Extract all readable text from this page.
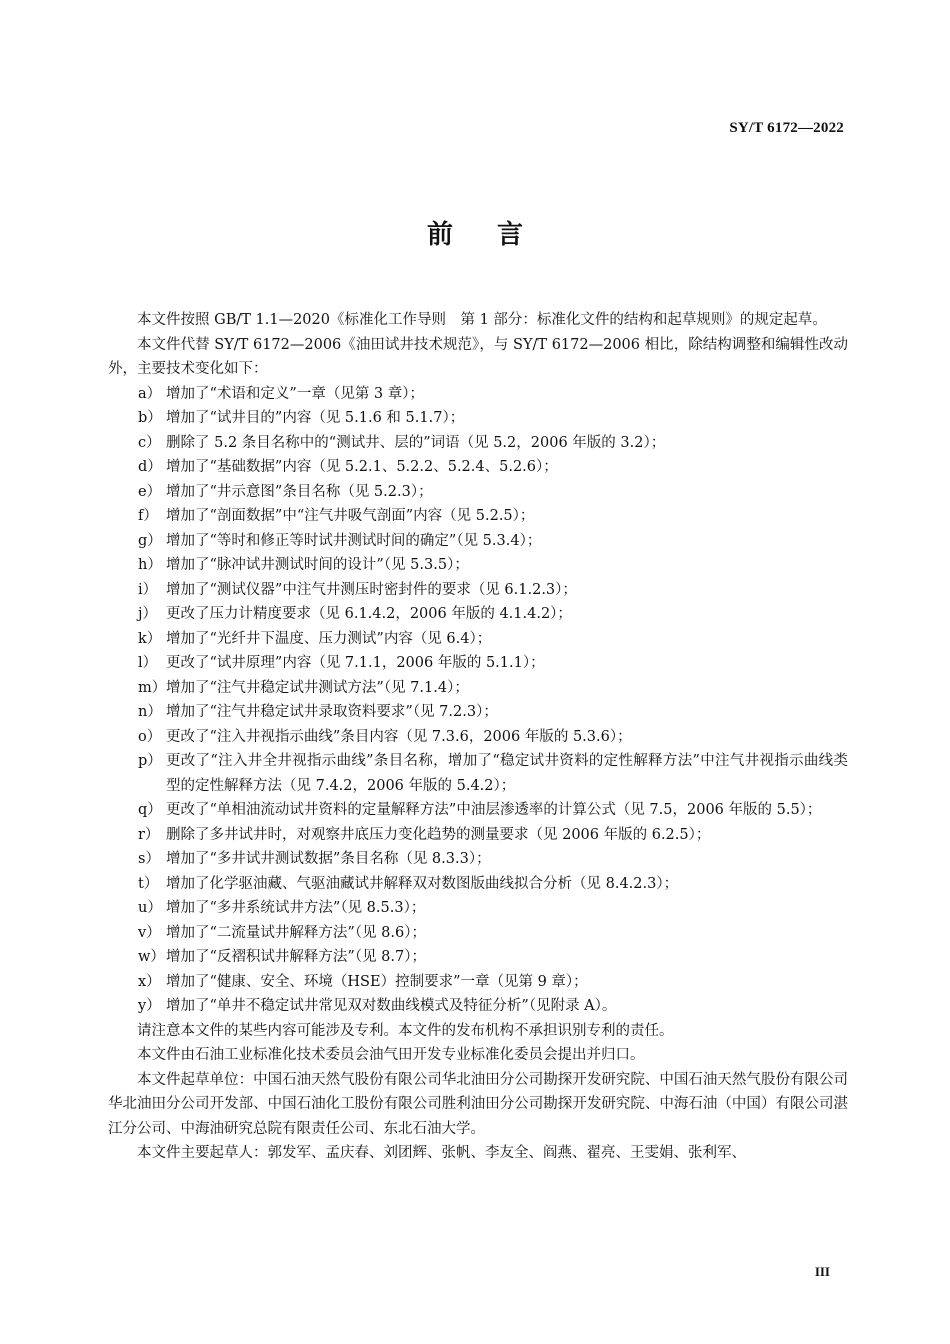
SY/T 6172—2022
前言

本文件按照 GB/T 1.1—2020《标准化工作导则　第 1 部分：标准化文件的结构和起草规则》的规定起草。

本文件代替 SY/T 6172—2006《油田试井技术规范》，与 SY/T 6172—2006 相比，除结构调整和编辑性改动外，主要技术变化如下：

a） 增加了“术语和定义”一章（见第 3 章）；
b） 增加了“试井目的”内容（见 5.1.6 和 5.1.7）；
c） 删除了 5.2 条目名称中的“测试井、层的”词语（见 5.2，2006 年版的 3.2）；
d） 增加了“基础数据”内容（见 5.2.1、5.2.2、5.2.4、5.2.6）；
e） 增加了“井示意图”条目名称（见 5.2.3）；
f） 增加了“剖面数据”中“注气井吸气剖面”内容（见 5.2.5）；
g） 增加了“等时和修正等时试井测试时间的确定”（见 5.3.4）；
h） 增加了“脉冲试井测试时间的设计”（见 5.3.5）；
i） 增加了“测试仪器”中注气井测压时密封件的要求（见 6.1.2.3）；
j） 更改了压力计精度要求（见 6.1.4.2，2006 年版的 4.1.4.2）；
k） 增加了“光纤井下温度、压力测试”内容（见 6.4）；
l） 更改了“试井原理”内容（见 7.1.1，2006 年版的 5.1.1）；
m） 增加了“注气井稳定试井测试方法”（见 7.1.4）；
n） 增加了“注气井稳定试井录取资料要求”（见 7.2.3）；
o） 更改了“注入井视指示曲线”条目内容（见 7.3.6，2006 年版的 5.3.6）；
p） 更改了“注入井全井视指示曲线”条目名称，增加了“稳定试井资料的定性解释方法”中注气井视指示曲线类型的定性解释方法（见 7.4.2，2006 年版的 5.4.2）；
q） 更改了“单相油流动试井资料的定量解释方法”中油层渗透率的计算公式（见 7.5，2006 年版的 5.5）；
r） 删除了多井试井时，对观察井底压力变化趋势的测量要求（见 2006 年版的 6.2.5）；
s） 增加了“多井试井测试数据”条目名称（见 8.3.3）；
t） 增加了化学驱油藏、气驱油藏试井解释双对数图版曲线拟合分析（见 8.4.2.3）；
u） 增加了“多井系统试井方法”（见 8.5.3）；
v） 增加了“二流量试井解释方法”（见 8.6）；
w） 增加了“反褶积试井解释方法”（见 8.7）；
x） 增加了“健康、安全、环境（HSE）控制要求”一章（见第 9 章）；
y） 增加了“单井不稳定试井常见双对数曲线模式及特征分析”（见附录 A）。

请注意本文件的某些内容可能涉及专利。本文件的发布机构不承担识别专利的责任。

本文件由石油工业标准化技术委员会油气田开发专业标准化委员会提出并归口。

本文件起草单位：中国石油天然气股份有限公司华北油田分公司勘探开发研究院、中国石油天然气股份有限公司华北油田分公司开发部、中国石油化工股份有限公司胜利油田分公司勘探开发研究院、中海石油（中国）有限公司湛江分公司、中海油研究总院有限责任公司、东北石油大学。

本文件主要起草人：郭发军、孟庆春、刘团辉、张帆、李友全、阎燕、翟亮、王雯娟、张利军、

III
